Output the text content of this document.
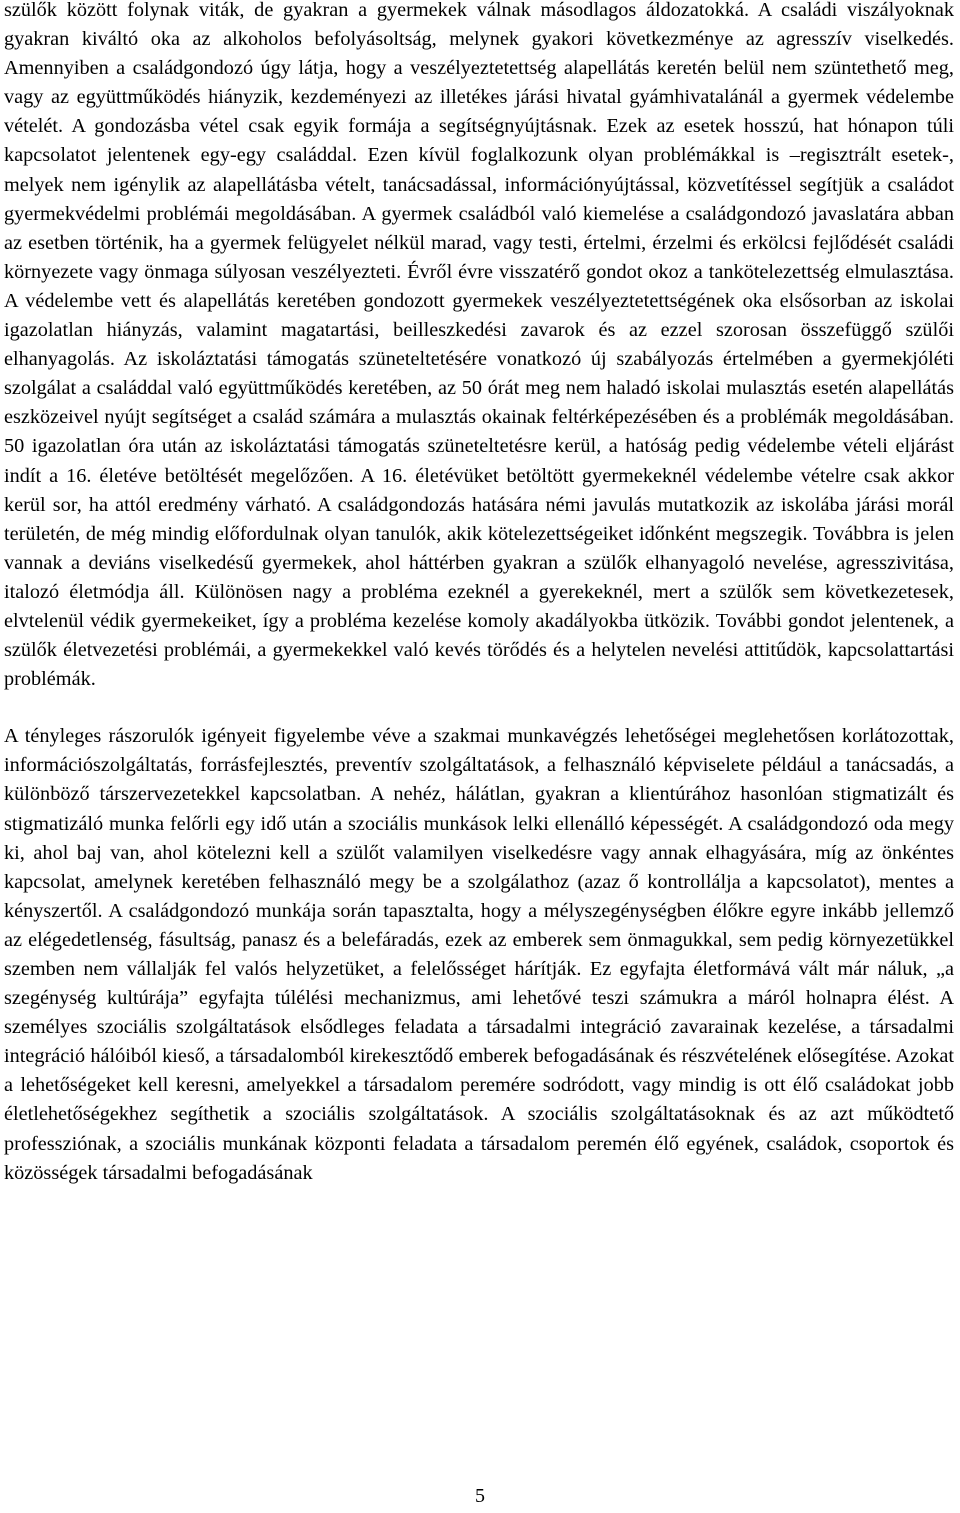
szülők között folynak viták, de gyakran a gyermekek válnak másodlagos áldozatokká. A családi viszályoknak gyakran kiváltó oka az alkoholos befolyásoltság, melynek gyakori következménye az agresszív viselkedés. Amennyiben a családgondozó úgy látja, hogy a veszélyeztetettség alapellátás keretén belül nem szüntethető meg, vagy az együttműködés hiányzik, kezdeményezi az illetékes járási hivatal gyámhivatalánál a gyermek védelembe vételét. A gondozásba vétel csak egyik formája a segítségnyújtásnak. Ezek az esetek hosszú, hat hónapon túli kapcsolatot jelentenek egy-egy családdal. Ezen kívül foglalkozunk olyan problémákkal is –regisztrált esetek-, melyek nem igénylik az alapellátásba vételt, tanácsadással, információnyújtással, közvetítéssel segítjük a családot gyermekvédelmi problémái megoldásában. A gyermek családból való kiemelése a családgondozó javaslatára abban az esetben történik, ha a gyermek felügyelet nélkül marad, vagy testi, értelmi, érzelmi és erkölcsi fejlődését családi környezete vagy önmaga súlyosan veszélyezteti. Évről évre visszatérő gondot okoz a tankötelezettség elmulasztása. A védelembe vett és alapellátás keretében gondozott gyermekek veszélyeztetettségének oka elsősorban az iskolai igazolatlan hiányzás, valamint magatartási, beilleszkedési zavarok és az ezzel szorosan összefüggő szülői elhanyagolás. Az iskoláztatási támogatás szüneteltetésére vonatkozó új szabályozás értelmében a gyermekjóléti szolgálat a családdal való együttműködés keretében, az 50 órát meg nem haladó iskolai mulasztás esetén alapellátás eszközeivel nyújt segítséget a család számára a mulasztás okainak feltérképezésében és a problémák megoldásában. 50 igazolatlan óra után az iskoláztatási támogatás szüneteltetésre kerül, a hatóság pedig védelembe vételi eljárást indít a 16. életéve betöltését megelőzően. A 16. életévüket betöltött gyermekeknél védelembe vételre csak akkor kerül sor, ha attól eredmény várható. A családgondozás hatására némi javulás mutatkozik az iskolába járási morál területén, de még mindig előfordulnak olyan tanulók, akik kötelezettségeiket időnként megszegik. Továbbra is jelen vannak a deviáns viselkedésű gyermekek, ahol háttérben gyakran a szülők elhanyagoló nevelése, agresszivitása, italozó életmódja áll. Különösen nagy a probléma ezeknél a gyerekeknél, mert a szülők sem következetesek, elvtelenül védik gyermekeiket, így a probléma kezelése komoly akadályokba ütközik. További gondot jelentenek, a szülők életvezetési problémái, a gyermekekkel való kevés törődés és a helytelen nevelési attitűdök, kapcsolattartási problémák.

A tényleges rászorulók igényeit figyelembe véve a szakmai munkavégzés lehetőségei meglehetősen korlátozottak, információszolgáltatás, forrásfejlesztés, preventív szolgáltatások, a felhasználó képviselete például a tanácsadás, a különböző társzervezetekkel kapcsolatban. A nehéz, hálátlan, gyakran a klientúrához hasonlóan stigmatizált és stigmatizáló munka felőrli egy idő után a szociális munkások lelki ellenálló képességét. A családgondozó oda megy ki, ahol baj van, ahol kötelezni kell a szülőt valamilyen viselkedésre vagy annak elhagyására, míg az önkéntes kapcsolat, amelynek keretében felhasználó megy be a szolgálathoz (azaz ő kontrollálja a kapcsolatot), mentes a kényszertől. A családgondozó munkája során tapasztalta, hogy a mélyszegénységben élőkre egyre inkább jellemző az elégedetlenség, fásultság, panasz és a belefáradás, ezek az emberek sem önmagukkal, sem pedig környezetükkel szemben nem vállalják fel valós helyzetüket, a felelősséget hárítják. Ez egyfajta életformává vált már náluk, „a szegénység kultúrája” egyfajta túlélési mechanizmus, ami lehetővé teszi számukra a máról holnapra élést. A személyes szociális szolgáltatások elsődleges feladata a társadalmi integráció zavarainak kezelése, a társadalmi integráció hálóiból kieső, a társadalomból kirekesztődő emberek befogadásának és részvételének elősegítése. Azokat a lehetőségeket kell keresni, amelyekkel a társadalom peremére sodródott, vagy mindig is ott élő családokat jobb életlehetőségekhez segíthetik a szociális szolgáltatások. A szociális szolgáltatásoknak és az azt működtető professziónak, a szociális munkának központi feladata a társadalom peremén élő egyének, családok, csoportok és közösségek társadalmi befogadásának

5
